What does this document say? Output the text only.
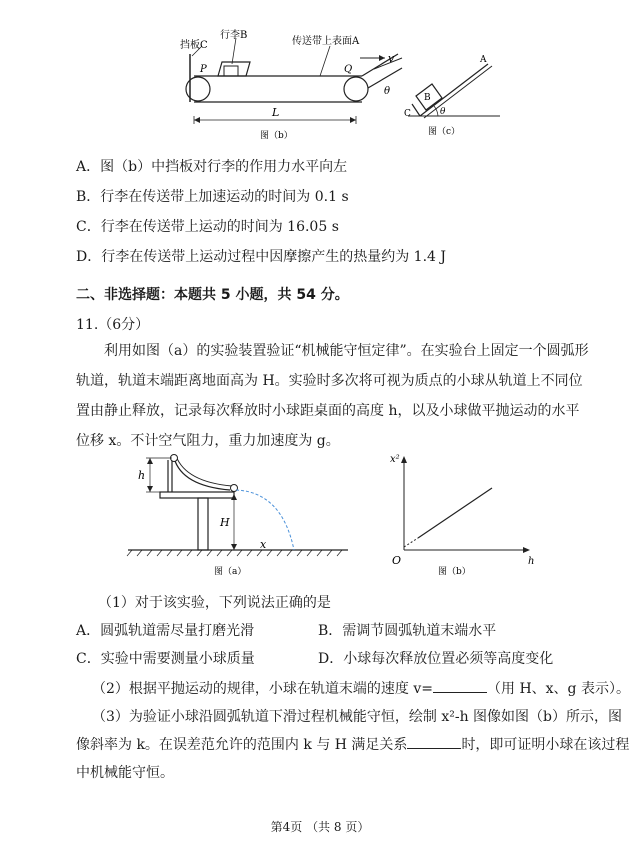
挡板C
行李B
传送带上表面A
v
P	Q
θ
L
图（b）
A
B
C	θ
图（c）
A．图（b）中挡板对行李的作用力水平向左
B．行李在传送带上加速运动的时间为 0.1 s
C．行李在传送带上运动的时间为 16.05 s
D．行李在传送带上运动过程中因摩擦产生的热量约为 1.4 J
二、非选择题：本题共 5 小题，共 54 分。
11.（6分）
利用如图（a）的实验装置验证“机械能守恒定律”。在实验台上固定一个圆弧形轨道，轨道末端距离地面高为 H。实验时多次将可视为质点的小球从轨道上不同位置由静止释放，记录每次释放时小球距桌面的高度 h，以及小球做平抛运动的水平位移 x。不计空气阻力，重力加速度为 g。
h
H
x
图（a）
x²
h
O
图（b）
（1）对于该实验，下列说法正确的是
A．圆弧轨道需尽量打磨光滑	B．需调节圆弧轨道末端水平
C．实验中需要测量小球质量	D．小球每次释放位置必须等高度变化
（2）根据平抛运动的规律，小球在轨道末端的速度 v=	（用 H、x、g 表示）。
（3）为验证小球沿圆弧轨道下滑过程机械能守恒，绘制 x²-h 图像如图（b）所示，图
像斜率为 k。在误差范允许的范围内 k 与 H 满足关系	时，即可证明小球在该过程
中机械能守恒。
第4页 （共 8 页）
